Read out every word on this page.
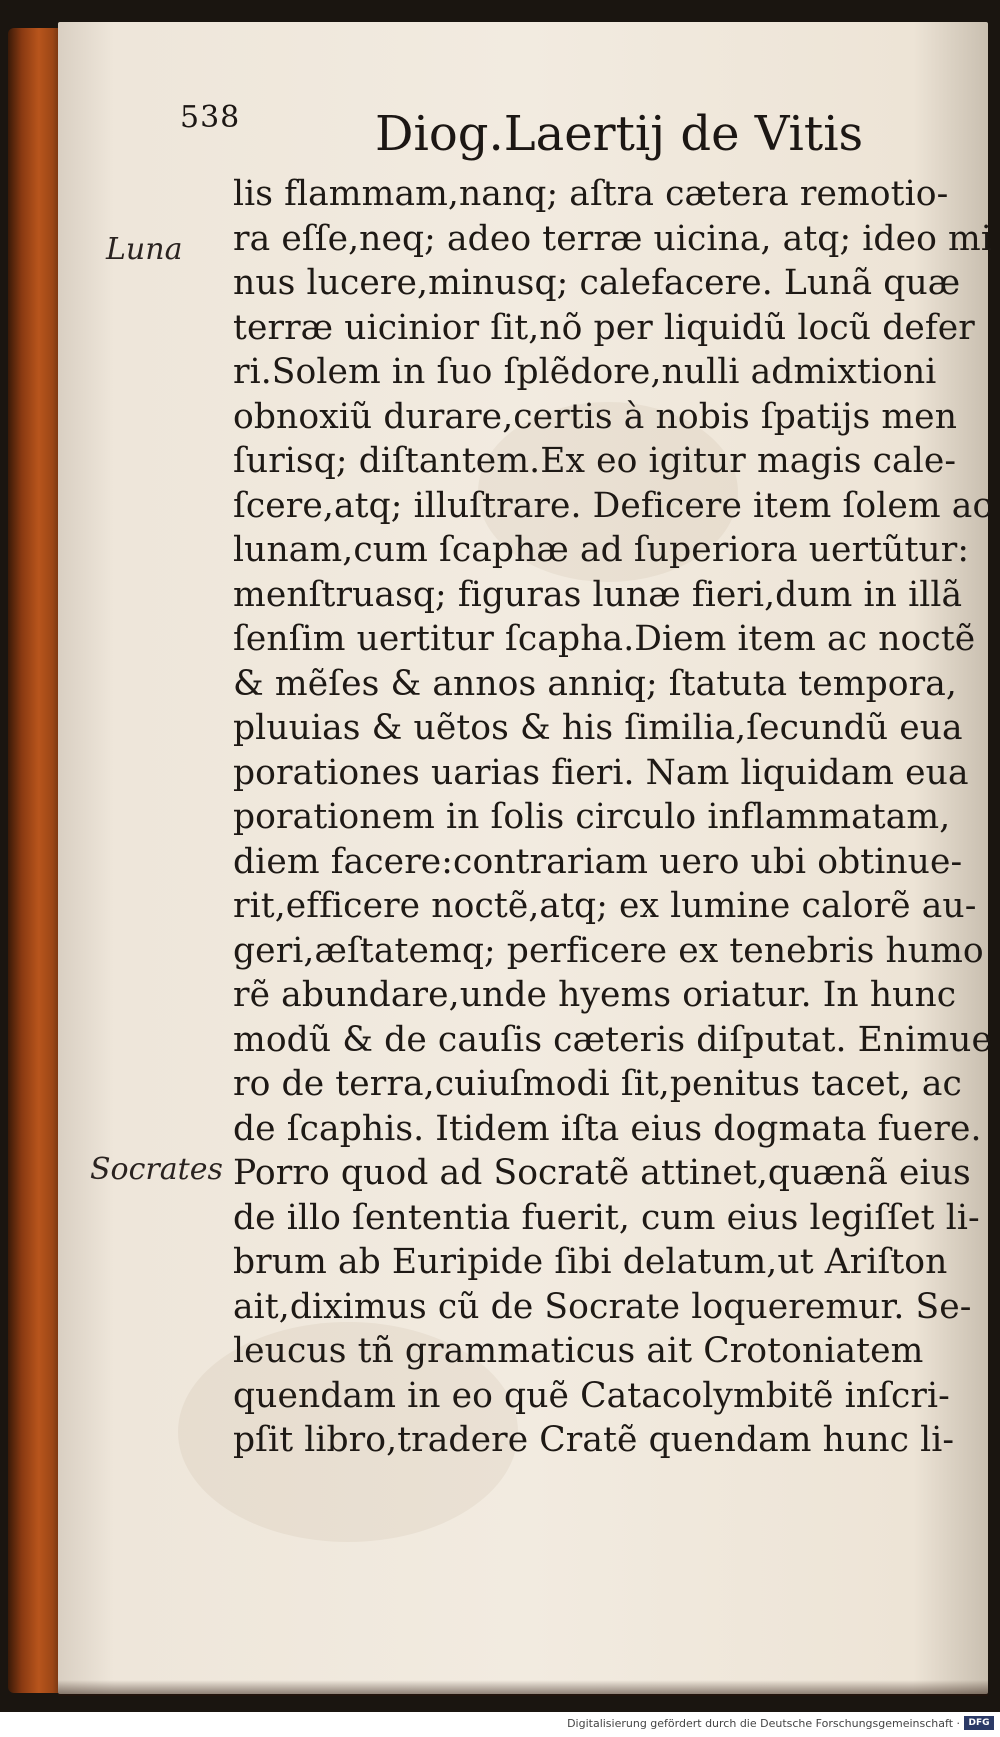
538	Diog.Laertij de Vitis
Luna
Socrates
lis flammam,nanq; aſtra cætera remotio-
ra eſſe,neq; adeo terræ uicina, atq; ideo mi
nus lucere,minusq; calefacere. Lunã quæ
terræ uicinior ſit,nõ per liquidũ locũ defer
ri.Solem in ſuo ſplẽdore,nulli admixtioni
obnoxiũ durare,certis à nobis ſpatijs men
ſurisq; diſtantem.Ex eo igitur magis cale-
ſcere,atq; illuſtrare. Deficere item ſolem ac
lunam,cum ſcaphæ ad ſuperiora uertũtur:
menſtruasq; figuras lunæ fieri,dum in illã
ſenſim uertitur ſcapha.Diem item ac noctẽ
& mẽſes & annos anniq; ſtatuta tempora,
pluuias & uẽtos & his ſimilia,ſecundũ eua
porationes uarias fieri. Nam liquidam eua
porationem in ſolis circulo inflammatam,
diem facere:contrariam uero ubi obtinue-
rit,efficere noctẽ,atq; ex lumine calorẽ au-
geri,æſtatemq; perficere ex tenebris humo
rẽ abundare,unde hyems oriatur. In hunc
modũ & de cauſis cæteris diſputat. Enimue
ro de terra,cuiuſmodi ſit,penitus tacet, ac
de ſcaphis. Itidem iſta eius dogmata fuere.
Porro quod ad Socratẽ attinet,quænã eius
de illo ſententia fuerit, cum eius legiſſet li-
brum ab Euripide ſibi delatum,ut Ariſton
ait,diximus cũ de Socrate loqueremur. Se-
leucus tñ grammaticus ait Crotoniatem
quendam in eo quẽ Catacolymbitẽ inſcri-
pſit libro,tradere Cratẽ quendam hunc li-
Digitalisierung gefördert durch die Deutsche Forschungsgemeinschaft · DFG
